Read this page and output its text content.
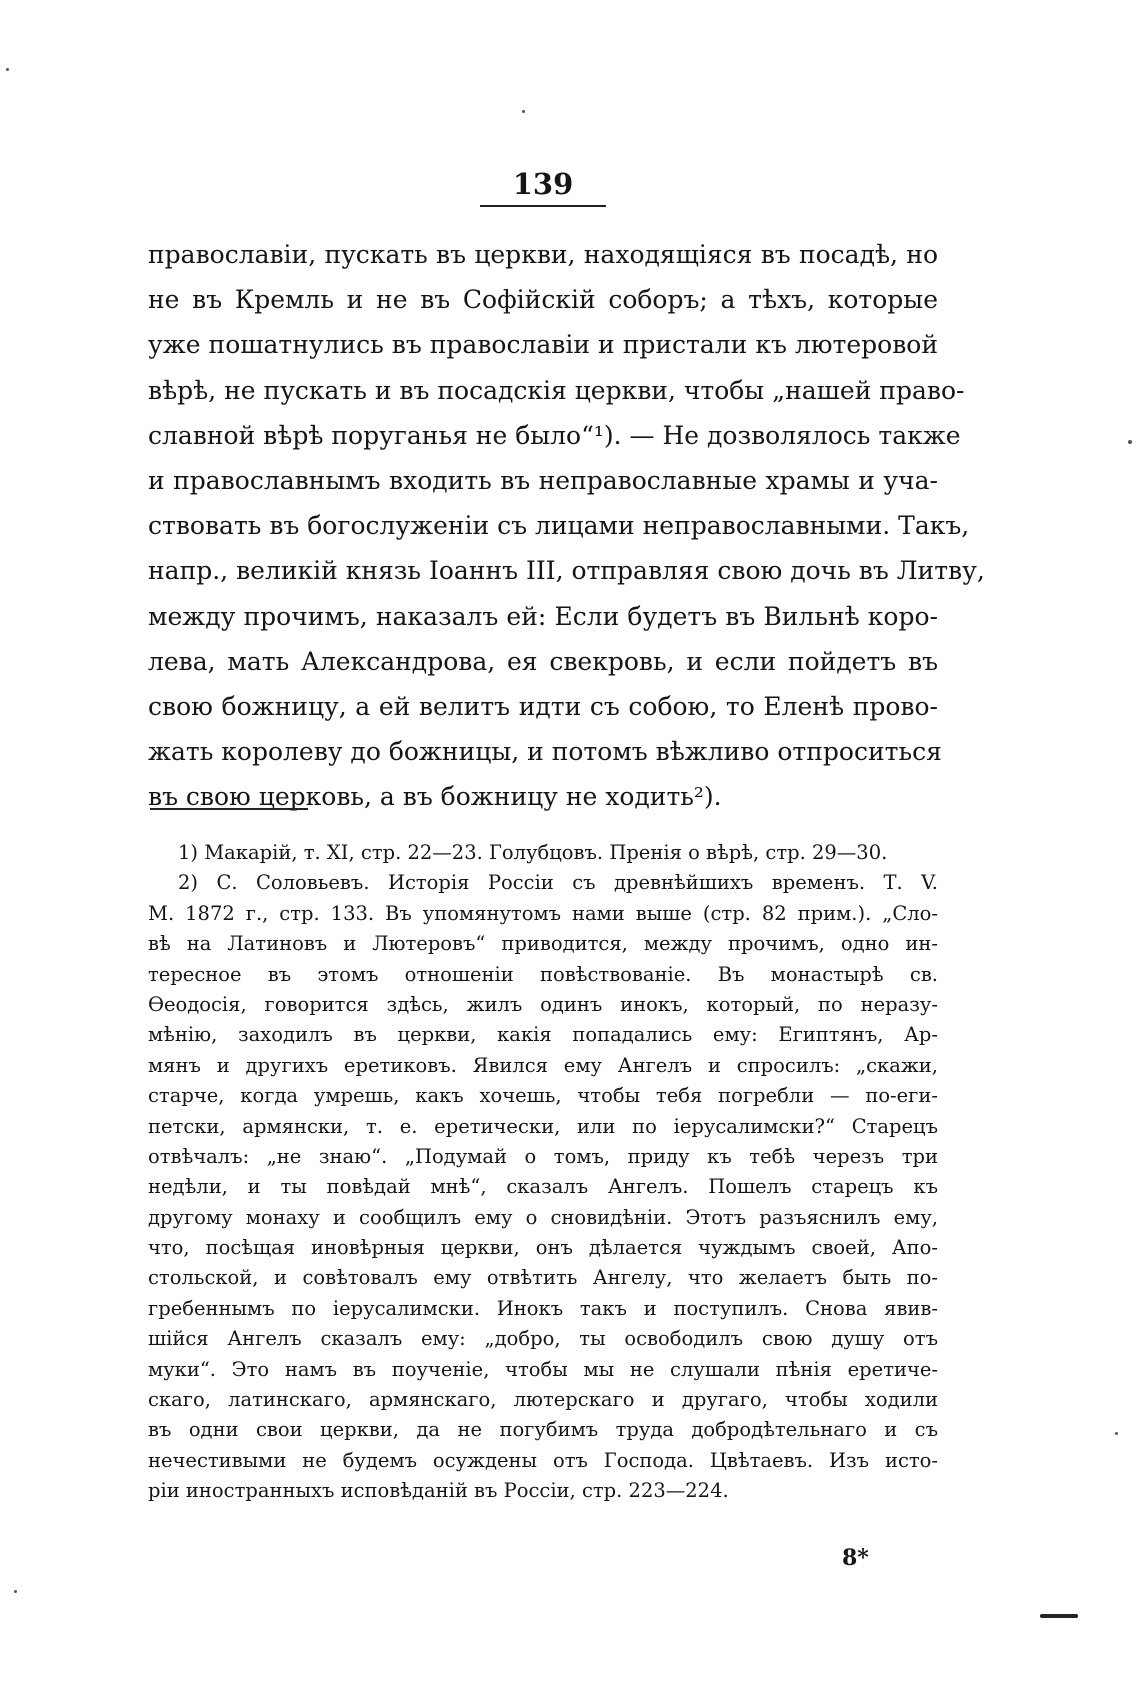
139
православіи, пускать въ церкви, находящіяся въ посадѣ, но
не въ Кремль и не въ Софійскій соборъ; а тѣхъ, которые
уже пошатнулись въ православіи и пристали къ лютеровой
вѣрѣ, не пускать и въ посадскія церкви, чтобы „нашей право-
славной вѣрѣ поруганья не было“¹). — Не дозволялось также
и православнымъ входить въ неправославные храмы и уча-
ствовать въ богослуженіи съ лицами неправославными. Такъ,
напр., великій князь Іоаннъ III, отправляя свою дочь въ Литву,
между прочимъ, наказалъ ей: Если будетъ въ Вильнѣ коро-
лева, мать Александрова, ея свекровь, и если пойдетъ въ
свою божницу, а ей велитъ идти съ собою, то Еленѣ прово-
жать королеву до божницы, и потомъ вѣжливо отпроситься
въ свою церковь, а въ божницу не ходить²).
1) Макарій, т. XI, стр. 22—23. Голубцовъ. Пренія о вѣрѣ, стр. 29—30.
2) С. Соловьевъ. Исторія Россіи съ древнѣйшихъ временъ. Т. V.
М. 1872 г., стр. 133. Въ упомянутомъ нами выше (стр. 82 прим.). „Сло-
вѣ на Латиновъ и Лютеровъ“ приводится, между прочимъ, одно ин-
тересное въ этомъ отношеніи повѣствованіе. Въ монастырѣ св.
Ѳеодосія, говорится здѣсь, жилъ одинъ инокъ, который, по неразу-
мѣнію, заходилъ въ церкви, какія попадались ему: Египтянъ, Ар-
мянъ и другихъ еретиковъ. Явился ему Ангелъ и спросилъ: „скажи,
старче, когда умрешь, какъ хочешь, чтобы тебя погребли — по-еги-
петски, армянски, т. е. еретически, или по іерусалимски?“ Старецъ
отвѣчалъ: „не знаю“. „Подумай о томъ, приду къ тебѣ черезъ три
недѣли, и ты повѣдай мнѣ“, сказалъ Ангелъ. Пошелъ старецъ къ
другому монаху и сообщилъ ему о сновидѣніи. Этотъ разъяснилъ ему,
что, посѣщая иновѣрныя церкви, онъ дѣлается чуждымъ своей, Апо-
стольской, и совѣтовалъ ему отвѣтить Ангелу, что желаетъ быть по-
гребеннымъ по іерусалимски. Инокъ такъ и поступилъ. Снова явив-
шійся Ангелъ сказалъ ему: „добро, ты освободилъ свою душу отъ
муки“. Это намъ въ поученіе, чтобы мы не слушали пѣнія еретиче-
скаго, латинскаго, армянскаго, лютерскаго и другаго, чтобы ходили
въ одни свои церкви, да не погубимъ труда добродѣтельнаго и съ
нечестивыми не будемъ осуждены отъ Господа. Цвѣтаевъ. Изъ исто-
ріи иностранныхъ исповѣданій въ Россіи, стр. 223—224.
8*
